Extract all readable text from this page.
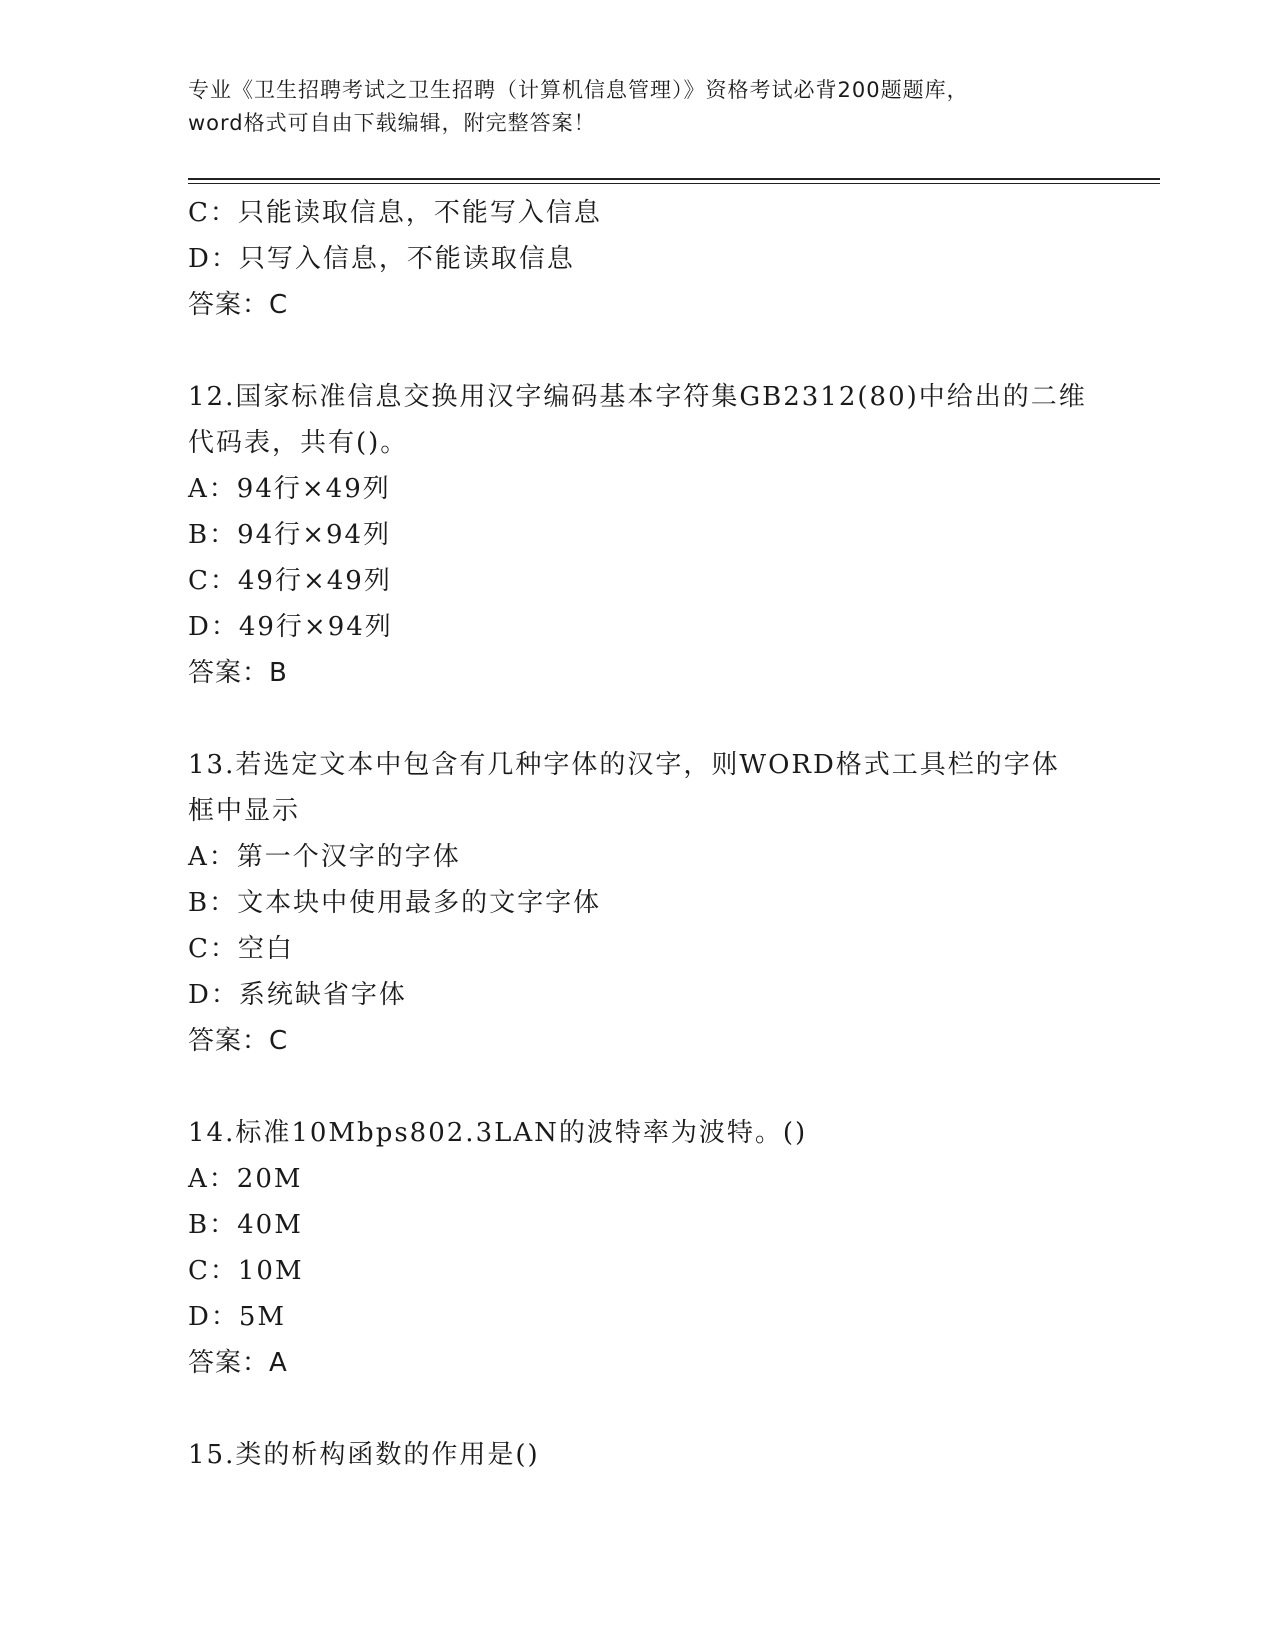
专业《卫生招聘考试之卫生招聘（计算机信息管理）》资格考试必背200题题库，
word格式可自由下载编辑，附完整答案！
C：只能读取信息，不能写入信息
D：只写入信息，不能读取信息
答案：C
12.国家标准信息交换用汉字编码基本字符集GB2312(80)中给出的二维
代码表，共有()。
A：94行×49列
B：94行×94列
C：49行×49列
D：49行×94列
答案：B
13.若选定文本中包含有几种字体的汉字，则WORD格式工具栏的字体
框中显示
A：第一个汉字的字体
B：文本块中使用最多的文字字体
C：空白
D：系统缺省字体
答案：C
14.标准10Mbps802.3LAN的波特率为波特。()
A：20M
B：40M
C：10M
D：5M
答案：A
15.类的析构函数的作用是()
